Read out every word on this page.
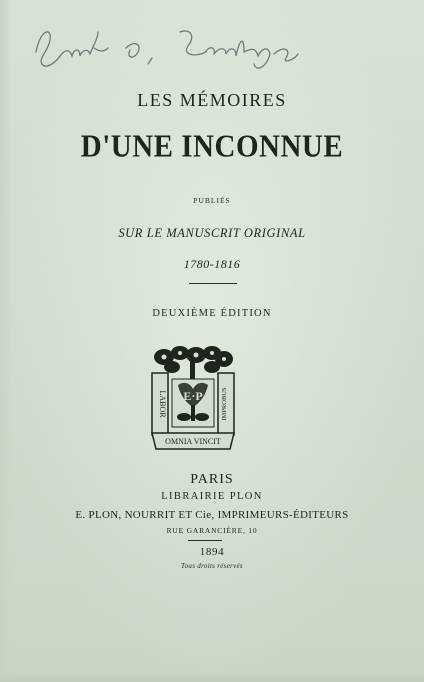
LES MÉMOIRES
D'UNE INCONNUE
PUBLIÉS
SUR LE MANUSCRIT ORIGINAL
1780-1816
DEUXIÈME ÉDITION
LABOR	IMPROBUS
E·P
OMNIA VINCIT
PARIS
LIBRAIRIE PLON
E. PLON, NOURRIT ET Cie, IMPRIMEURS-ÉDITEURS
RUE GARANCIÈRE, 10
1894
Tous droits réservés
